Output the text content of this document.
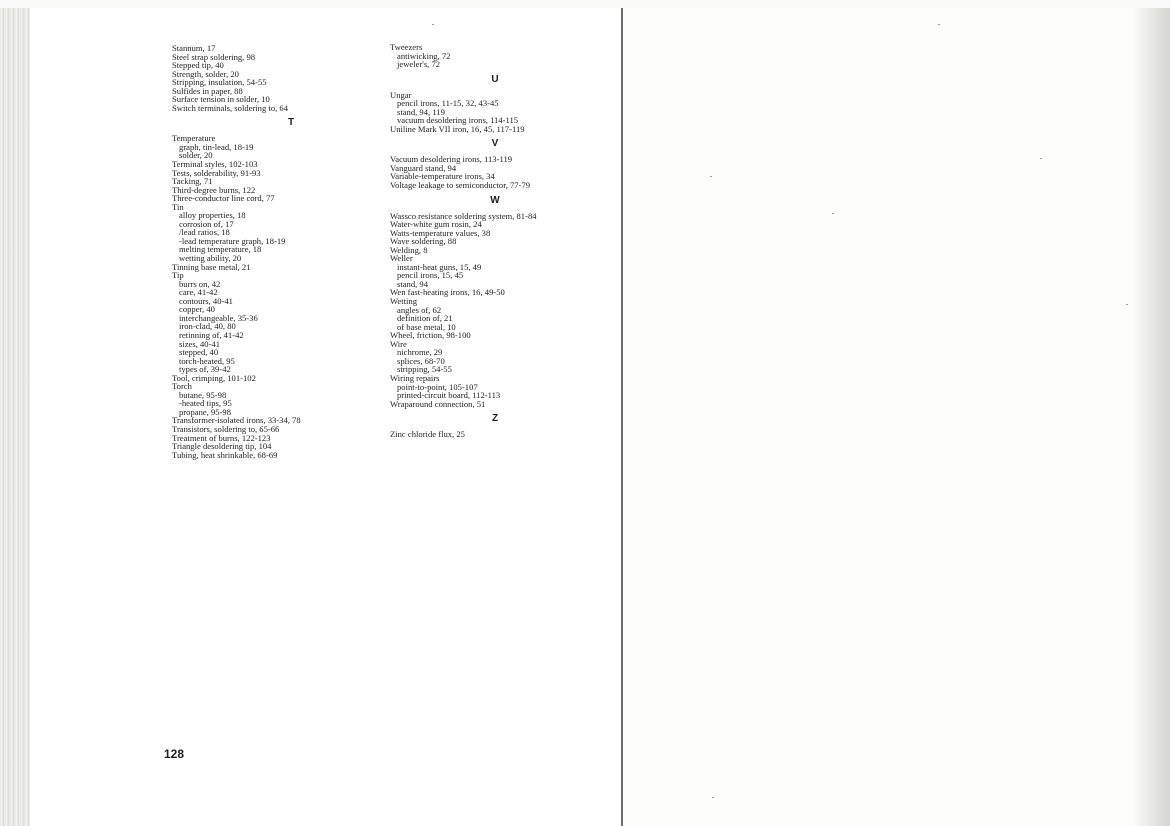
Stannum, 17
Steel strap soldering, 98
Stepped tip, 40
Strength, solder, 20
Stripping, insulation, 54-55
Sulfides in paper, 88
Surface tension in solder, 10
Switch terminals, soldering to, 64
T
Temperature
graph, tin-lead, 18-19
solder, 20
Terminal styles, 102-103
Tests, solderability, 91-93
Tacking, 71
Third-degree burns, 122
Three-conductor line cord, 77
Tin
alloy properties, 18
corrosion of, 17
/lead ratios, 18
-lead temperature graph, 18-19
melting temperature, 18
wetting ability, 20
Tinning base metal, 21
Tip
burrs on, 42
care, 41-42
contours, 40-41
copper, 40
interchangeable, 35-36
iron-clad, 40, 80
retinning of, 41-42
sizes, 40-41
stepped, 40
torch-heated, 95
types of, 39-42
Tool, crimping, 101-102
Torch
butane, 95-98
-heated tips, 95
propane, 95-98
Transformer-isolated irons, 33-34, 78
Transistors, soldering to, 65-66
Treatment of burns, 122-123
Triangle desoldering tip, 104
Tubing, heat shrinkable, 68-69
Tweezers
antiwicking, 72
jeweler's, 72
U
Ungar
pencil irons, 11-15, 32, 43-45
stand, 94, 119
vacuum desoldering irons, 114-115
Uniline Mark VII iron, 16, 45, 117-119
V
Vacuum desoldering irons, 113-119
Vanguard stand, 94
Variable-temperature irons, 34
Voltage leakage to semiconductor, 77-79
W
Wassco resistance soldering system, 81-84
Water-white gum rosin, 24
Watts-temperature values, 38
Wave soldering, 88
Welding, 8
Weller
instant-heat guns, 15, 49
pencil irons, 15, 45
stand, 94
Wen fast-heating irons, 16, 49-50
Wetting
angles of, 62
definition of, 21
of base metal, 10
Wheel, friction, 98-100
Wire
nichrome, 29
splices, 68-70
stripping, 54-55
Wiring repairs
point-to-point, 105-107
printed-circuit board, 112-113
Wraparound connection, 51
Z
Zinc chloride flux, 25
128
